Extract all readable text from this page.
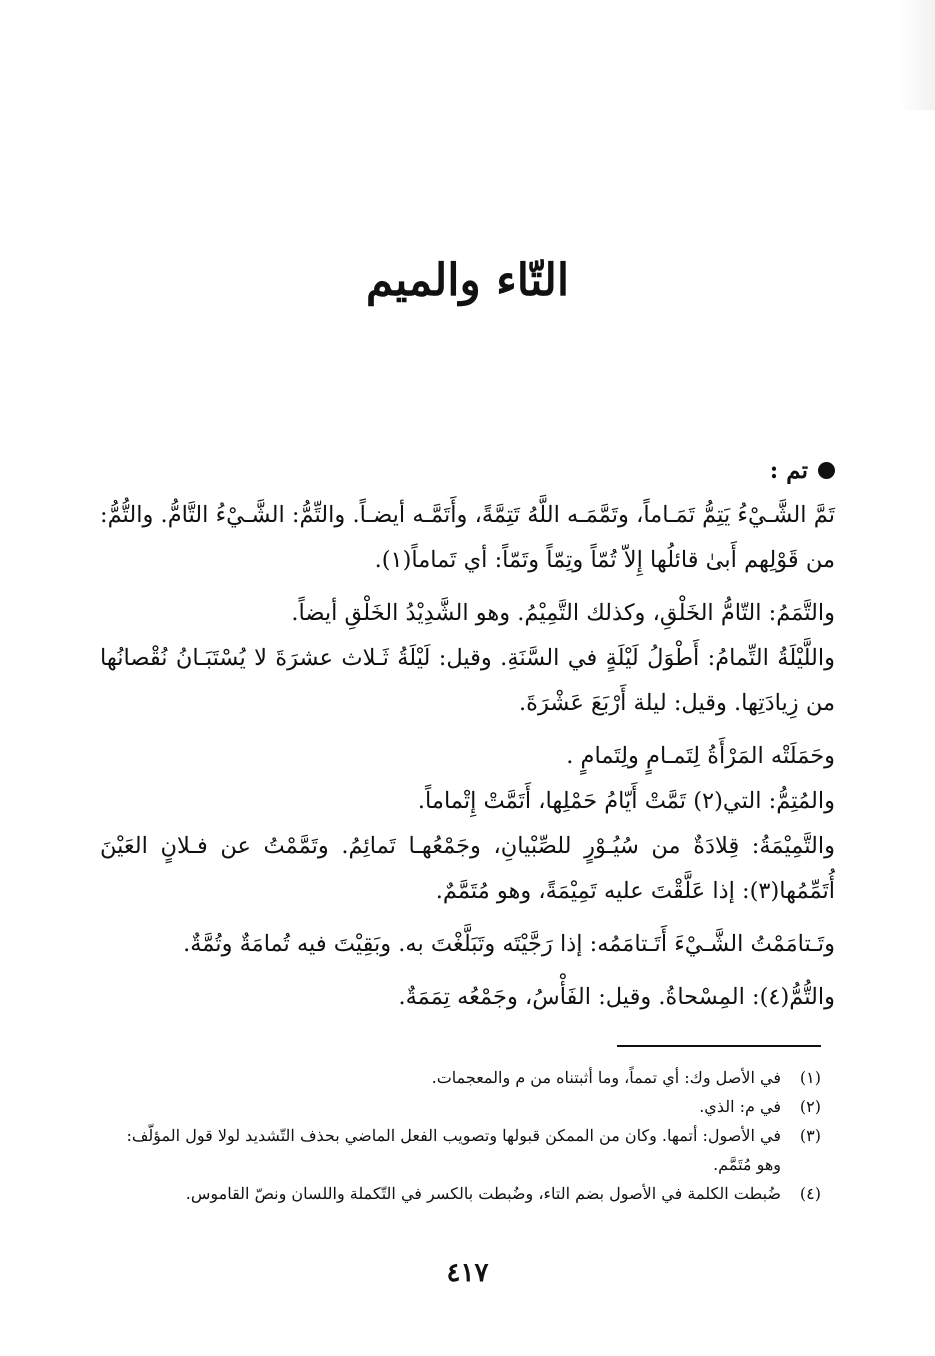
التّاء والميم
تم :

تَمَّ الشَّـيْءُ يَتِمُّ تَمَـاماً، وتَمَّمَـه اللَّهُ تَتِمَّةً، وأَتَمَّـه أيضـاً. والتِّمُّ: الشَّـيْءُ التَّامُّ. والتُّمُّ: من قَوْلِهم أَبىٰ قائلُها إِلاّ تُمّاً وتِمّاً وتَمّاً: أي تَماماً(١).

والتَّمَمُ: التّامُّ الخَلْقِ، وكذلك التَّمِيْمُ. وهو الشَّدِيْدُ الخَلْقِ أيضاً.

واللَّيْلَةُ التِّمامُ: أَطْوَلُ لَيْلَةٍ في السَّنَةِ. وقيل: لَيْلَةُ ثَـلاث عشرَةَ لا يُسْتَبَـانُ نُقْصانُها من زِيادَتِها. وقيل: ليلة أَرْبَعَ عَشْرَةَ.

وحَمَلَتْه المَرْأَةُ لِتَمـامٍ ولِتَمامٍ .

والمُتِمُّ: التي(٢) تَمَّتْ أَيّامُ حَمْلِها، أَتَمَّتْ إِتْماماً.

والتَّمِيْمَةُ: قِلادَةٌ من سُيُـوْرٍ للصِّبْيانِ، وجَمْعُهـا تَمائِمُ. وتَمَّمْتُ عن فـلانٍ العَيْنَ أُتَمِّمُها(٣): إذا عَلَّقْتَ عليه تَمِيْمَةً، وهو مُتَمَّمٌ.

وتَـتامَمْتُ الشَّـيْءَ أَتَـتامَمُه: إذا رَجَّيْتَه وتَبَلَّغْتَ به. وبَقِيْتَ فيه تُمامَةٌ وتُمَّةٌ.

والتُّمُّ(٤): المِسْحاةُ. وقيل: الفَأْسُ، وجَمْعُه تِمَمَةٌ.

(١)
في الأصل وك: أي تمماً، وما أثبتناه من م والمعجمات.
(٢)
في م: الذي.
(٣)
في الأصول: أتمها. وكان من الممكن قبولها وتصويب الفعل الماضي بحذف التّشديد لولا قول المؤلّف: وهو مُتَمَّم.
(٤)
ضُبطت الكلمة في الأصول بضم التاء، وضُبطت بالكسر في التّكملة واللسان ونصّ القاموس.
٤١٧
